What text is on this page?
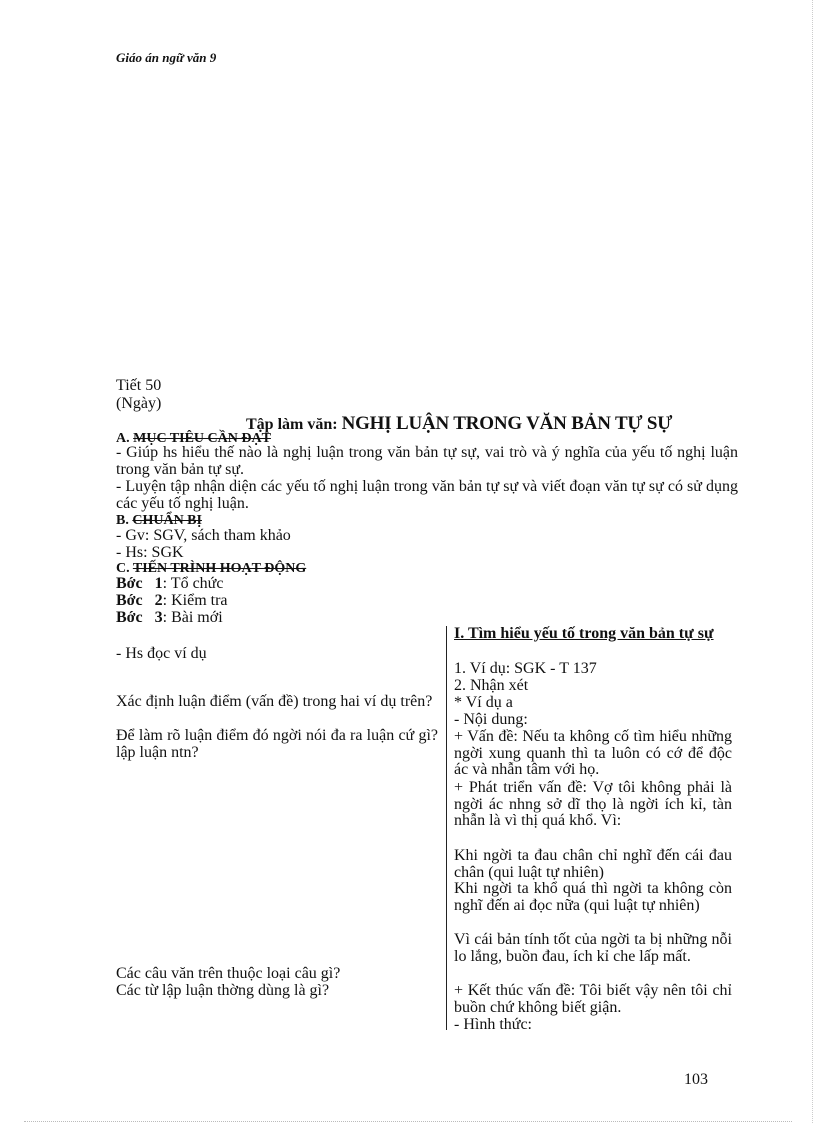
Giáo án ngữ văn 9
Tiết 50
(Ngày)
Tập làm văn: NGHỊ LUẬN TRONG VĂN BẢN TỰ SỰ
A. MỤC TIÊU CẦN ĐẠT
- Giúp hs hiểu thế nào là nghị luận trong văn bản tự sự, vai trò và ý nghĩa của yếu tố nghị luận trong văn bản tự sự.
- Luyện tập nhận diện các yếu tố nghị luận trong văn bản tự sự và viết đoạn văn tự sự có sử dụng các yếu tố nghị luận.
B. CHUẨN BỊ
- Gv: SGV, sách tham khảo
- Hs: SGK
C. TIẾN TRÌNH HOẠT ĐỘNG
Bớc 1: Tổ chức
Bớc 2: Kiểm tra
Bớc 3: Bài mới
- Hs đọc ví dụ
Xác định luận điểm (vấn đề) trong hai ví dụ trên?
Để làm rõ luận điểm đó ngời nói đa ra luận cứ gì? lập luận ntn?
Các câu văn trên thuộc loại câu gì?
Các từ lập luận thờng dùng là gì?
I. Tìm hiểu yếu tố trong văn bản tự sự
1. Ví dụ: SGK - T 137
2. Nhận xét
* Ví dụ a
- Nội dung:
+ Vấn đề: Nếu ta không cố tìm hiểu những ngời xung quanh thì ta luôn có cớ để độc ác và nhẫn tâm với họ.
+ Phát triển vấn đề: Vợ tôi không phải là ngời ác nhng sở dĩ thọ là ngời ích kỉ, tàn nhẫn là vì thị quá khổ. Vì:
Khi ngời ta đau chân chỉ nghĩ đến cái đau chân (qui luật tự nhiên)
Khi ngời ta khổ quá thì ngời ta không còn nghĩ đến ai đọc nữa (qui luật tự nhiên)
Vì cái bản tính tốt của ngời ta bị những nỗi lo lắng, buồn đau, ích kỉ che lấp mất.
+ Kết thúc vấn đề: Tôi biết vậy nên tôi chỉ buồn chứ không biết giận.
- Hình thức:
103
